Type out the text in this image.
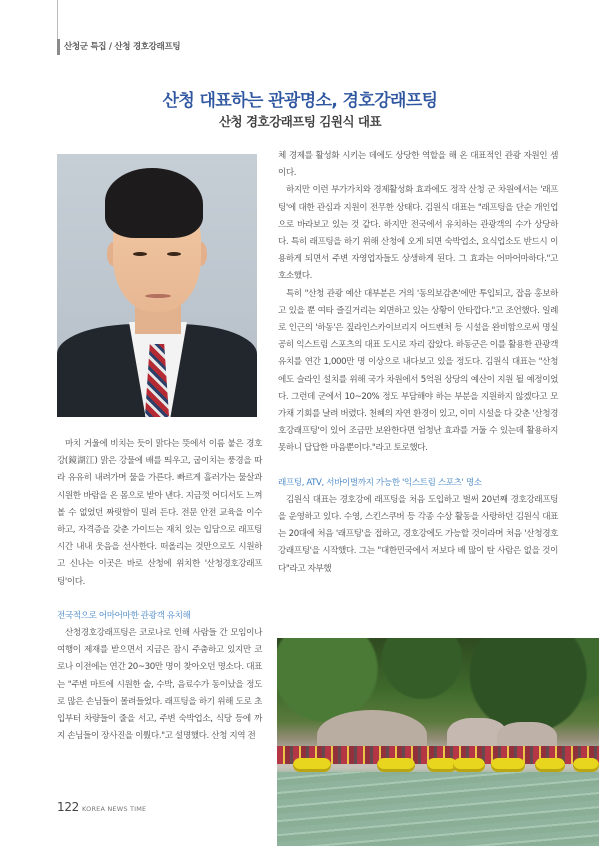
산청군 특집 / 산청 경호강래프팅
산청 대표하는 관광명소, 경호강래프팅
산청 경호강래프팅 김원식 대표

마치 거울에 비치는 듯이 맑다는 뜻에서 이름 붙은 경호강(鏡湖江) 맑은 강물에 배를 띄우고, 굽이치는 풍경을 따라 유유히 내려가며 물을 가른다. 빠르게 흘러가는 물살과 시원한 바람을 온 몸으로 받아 낸다. 지금껏 어디서도 느껴볼 수 없었던 짜릿함이 밀려 든다. 전문 안전 교육을 이수하고, 자격증을 갖춘 가이드는 재치 있는 입담으로 래프팅 시간 내내 웃음을 선사한다. 떠올리는 것만으로도 시원하고 신나는 이곳은 바로 산청에 위치한 '산청경호강래프팅'이다.

전국적으로 어마어마한 관광객 유치해

산청경호강래프팅은 코로나로 인해 사람들 간 모임이나 여행이 제재를 받으면서 지금은 잠시 주춤하고 있지만 코로나 이전에는 연간 20~30만 명이 찾아오던 명소다. 대표는 "주변 마트에 시원한 술, 수박, 음료수가 동이났을 정도로 많은 손님들이 몰려들었다. 래프팅을 하기 위해 도로 초입부터 차량들이 줄을 서고, 주변 숙박업소, 식당 등에 까지 손님들이 장사진을 이뤘다."고 설명했다. 산청 지역 전

체 경제를 활성화 시키는 데에도 상당한 역할을 해 온 대표적인 관광 자원인 셈이다.

하지만 이런 부가가치와 경제활성화 효과에도 정작 산청 군 차원에서는 '래프팅'에 대한 관심과 지원이 전무한 상태다. 김원식 대표는 "래프팅을 단순 개인업으로 바라보고 있는 것 같다. 하지만 전국에서 유치하는 관광객의 수가 상당하다. 특히 래프팅을 하기 위해 산청에 오게 되면 숙박업소, 요식업소도 반드시 이용하게 되면서 주변 자영업자들도 상생하게 된다. 그 효과는 어마어마하다."고 호소했다.

특히 "산청 관광 예산 대부분은 거의 '동의보감촌'에만 투입되고, 잡음 홍보하고 있을 뿐 여타 즐길거리는 외면하고 있는 상황이 안타깝다."고 조언했다. 일례로 인근의 '하동'은 짚라인스카이브리지 어드벤처 등 시설을 완비함으로써 명실공히 익스트림 스포츠의 대표 도시로 자리 잡았다. 하동군은 이를 활용한 관광객 유치를 연간 1,000만 명 이상으로 내다보고 있을 정도다. 김원식 대표는 "산청에도 슬라인 설치를 위해 국가 차원에서 5억원 상당의 예산이 지원 될 예정이었다. 그런데 군에서 10~20% 정도 부담해야 하는 부분을 지원하지 않겠다고 모가채 기회를 날려 버렸다. 천혜의 자연 환경이 있고, 이미 시설을 다 갖춘 '산청경호강래프팅'이 있어 조금만 보완한다면 엄청난 효과를 거둘 수 있는데 활용하지 못하니 답답한 마음뿐이다."라고 토로했다.

래프팅, ATV, 서바이벌까지 가능한 '익스트림 스포츠' 명소

김원식 대표는 경호강에 래프팅을 처음 도입하고 벌써 20년째 경호강래프팅을 운영하고 있다. 수영, 스킨스쿠버 등 각종 수상 활동을 사랑하던 김원식 대표는 20대에 처음 '래프팅'을 접하고, 경호강에도 가능할 것이라며 처음 '산청경호강래프팅'을 시작했다. 그는 "대한민국에서 저보다 배 많이 탄 사람은 없을 것이다"라고 자부했

122 KOREA NEWS TIME
